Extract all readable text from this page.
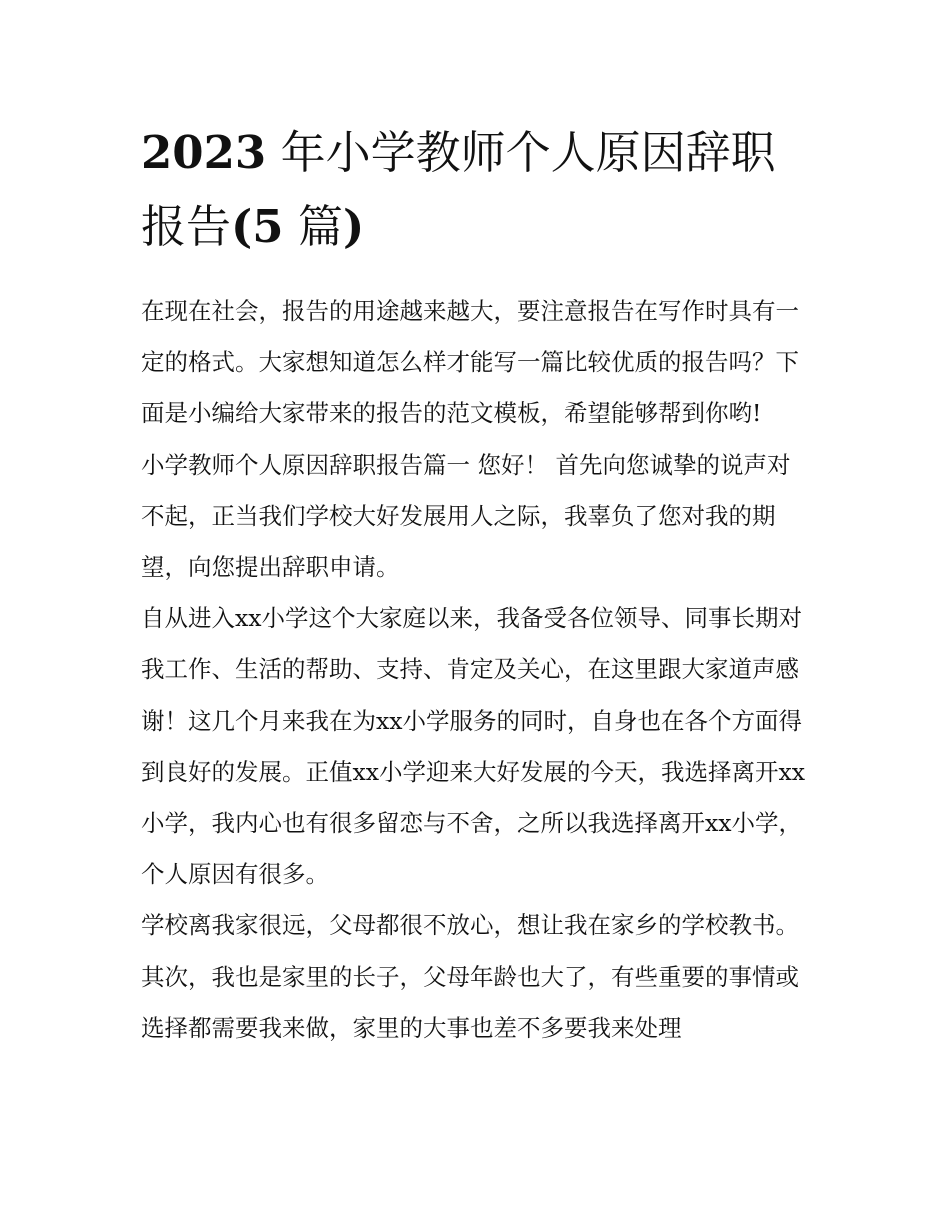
2023 年小学教师个人原因辞职报告(5 篇)

在现在社会，报告的用途越来越大，要注意报告在写作时具有一定的格式。大家想知道怎么样才能写一篇比较优质的报告吗？下面是小编给大家带来的报告的范文模板，希望能够帮到你哟!

小学教师个人原因辞职报告篇一 您好！ 首先向您诚挚的说声对不起，正当我们学校大好发展用人之际，我辜负了您对我的期望，向您提出辞职申请。

自从进入xx小学这个大家庭以来，我备受各位领导、同事长期对我工作、生活的帮助、支持、肯定及关心，在这里跟大家道声感谢！这几个月来我在为xx小学服务的同时，自身也在各个方面得到良好的发展。正值xx小学迎来大好发展的今天，我选择离开xx小学，我内心也有很多留恋与不舍，之所以我选择离开xx小学，个人原因有很多。

学校离我家很远，父母都很不放心，想让我在家乡的学校教书。其次，我也是家里的长子，父母年龄也大了，有些重要的事情或选择都需要我来做，家里的大事也差不多要我来处理
